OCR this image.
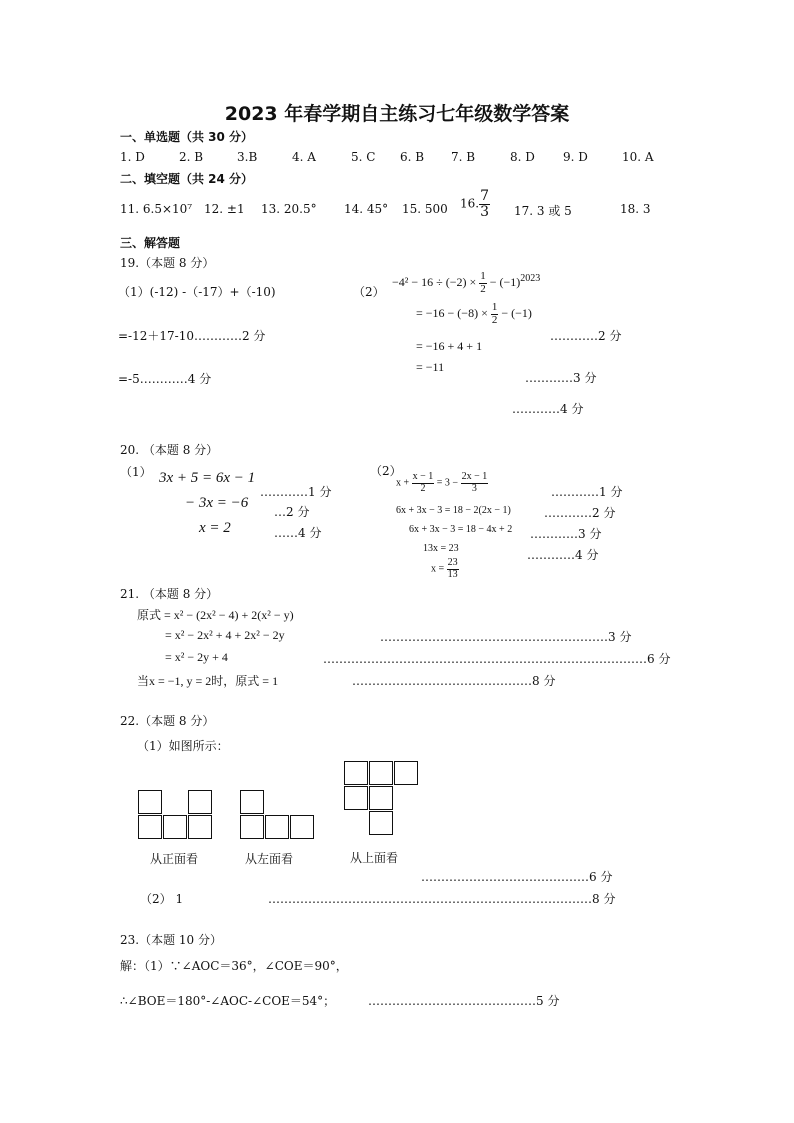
2023 年春学期自主练习七年级数学答案
一、单选题（共 30 分）
1. D	2. B	3.B	4. A	5. C 6. B 7. B	8. D 9. D	10. A
二、填空题（共 24 分）
11. 6.5×10⁷ 12. ±1 13. 20.5° 14. 45° 15. 500 16. $\frac{7}{3} 17$. 3 或 5	18. 3
三、解答题
19.（本题 8 分）
（1）(-12) -（-17）+（-10)
=-12＋17-10…………2 分
=-5…………4 分
（2）
$-4^2 - 16 \div (-2) \times \frac{1}{2} - (-1)^{2023}$
= $-16 - (-8) \times \frac{1}{2} - (-1)$
= −16 + 4 + 1
= −11
…………2 分
…………3 分
…………4 分
20. （本题 8 分）
（1） 3x + 5 = 6x − 1
− 3x = −6
x = 2
…………1 分
…2 分
……4 分
（2）
$x + \frac{x - 1}{2} = 3 - \frac{2x - 1}{3}$
6x + 3x − 3 = 18 − 2(2x − 1)
6x + 3x − 3 = 18 − 4x + 2
13x = 23
$x = \frac{23}{13}$
…………1 分
…………2 分
…………3 分
…………4 分
21. （本题 8 分）
原式 = x² − (2x² − 4) + 2(x² − y)
= x² − 2x² + 4 + 2x² − 2y
= x² − 2y + 4
当x = −1, y = 2时，原式 = 1
…………………………………………………3 分
………………………………………………………………………6 分
………………………………………8 分
22.（本题 8 分）
（1）如图所示：
从正面看	从左面看	从上面看
……………………………………6 分
（2） 1	………………………………………………………………………8 分
23.（本题 10 分）
解：（1）∵∠AOC＝36°，∠COE＝90°，
∴∠BOE＝180°-∠AOC-∠COE＝54°；	……………………………………5 分
